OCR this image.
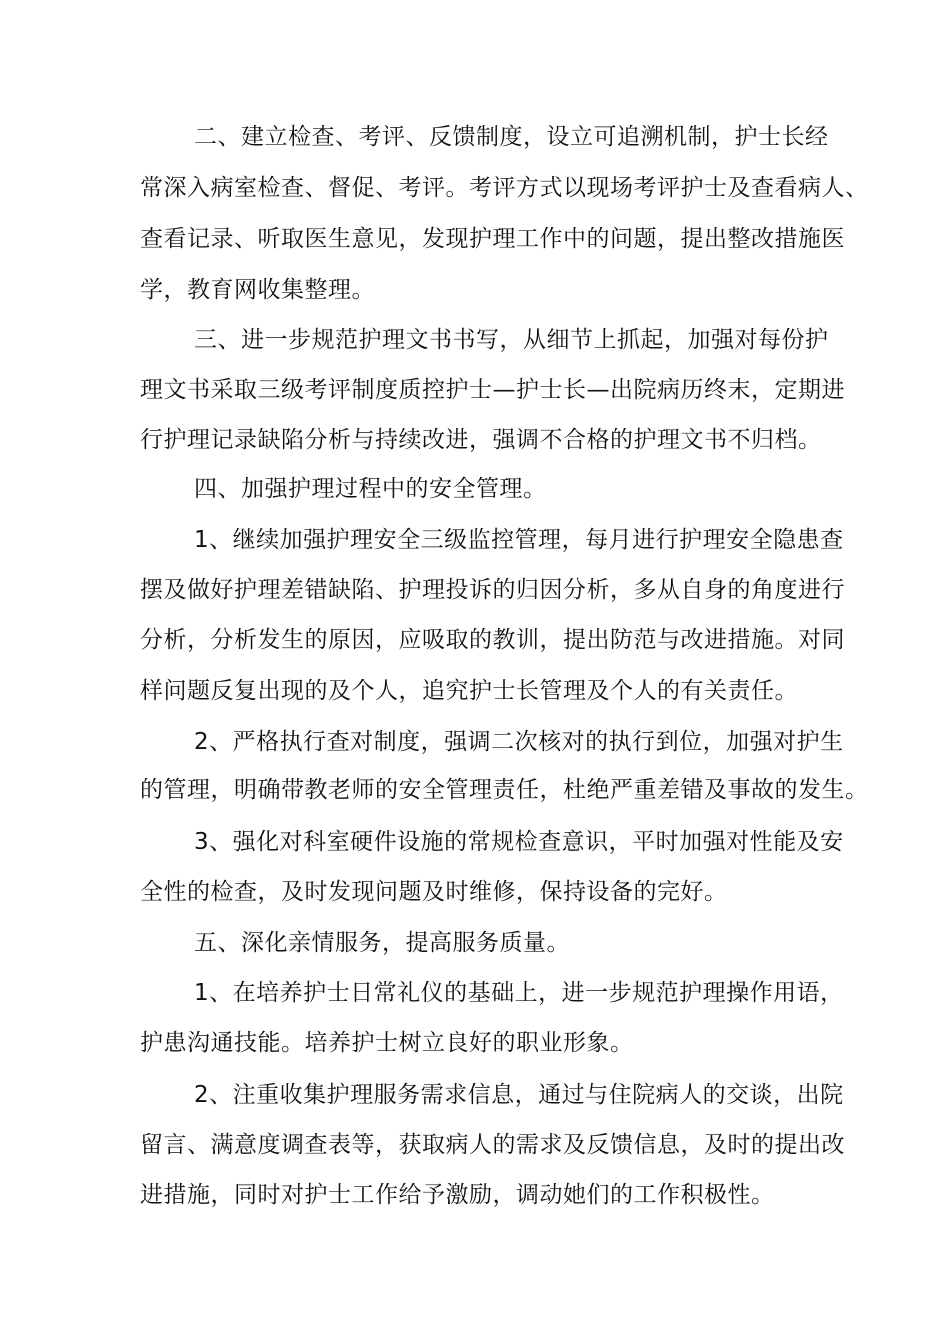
二、建立检查、考评、反馈制度，设立可追溯机制，护士长经
常深入病室检查、督促、考评。考评方式以现场考评护士及查看病人、
查看记录、听取医生意见，发现护理工作中的问题，提出整改措施医
学，教育网收集整理。
三、进一步规范护理文书书写，从细节上抓起，加强对每份护
理文书采取三级考评制度质控护士—护士长—出院病历终末，定期进
行护理记录缺陷分析与持续改进，强调不合格的护理文书不归档。
四、加强护理过程中的安全管理。
1、继续加强护理安全三级监控管理，每月进行护理安全隐患查
摆及做好护理差错缺陷、护理投诉的归因分析，多从自身的角度进行
分析，分析发生的原因，应吸取的教训，提出防范与改进措施。对同
样问题反复出现的及个人，追究护士长管理及个人的有关责任。
2、严格执行查对制度，强调二次核对的执行到位，加强对护生
的管理，明确带教老师的安全管理责任，杜绝严重差错及事故的发生。
3、强化对科室硬件设施的常规检查意识，平时加强对性能及安
全性的检查，及时发现问题及时维修，保持设备的完好。
五、深化亲情服务，提高服务质量。
1、在培养护士日常礼仪的基础上，进一步规范护理操作用语，
护患沟通技能。培养护士树立良好的职业形象。
2、注重收集护理服务需求信息，通过与住院病人的交谈，出院
留言、满意度调查表等，获取病人的需求及反馈信息，及时的提出改
进措施，同时对护士工作给予激励，调动她们的工作积极性。
